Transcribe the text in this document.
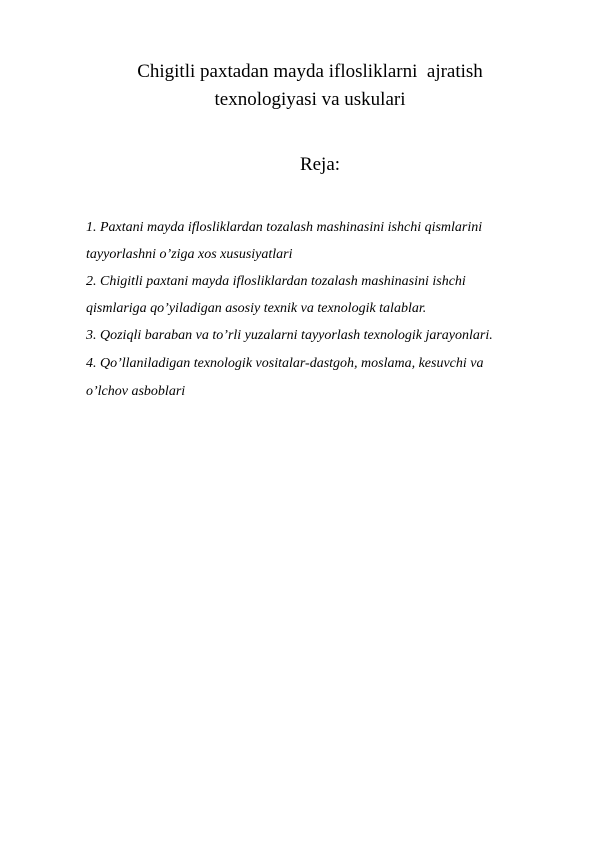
Chigitli paxtadan mayda iflosliklarni  ajratish
texnologiyasi va uskulari
Reja:
1. Paxtani mayda iflosliklardan tozalash mashinasini ishchi qismlarini
tayyorlashni o’ziga xos xususiyatlari
2. Chigitli paxtani mayda iflosliklardan tozalash mashinasini ishchi
qismlariga qo’yiladigan asosiy texnik va texnologik talablar.
3. Qoziqli baraban va to’rli yuzalarni tayyorlash texnologik jarayonlari.
4. Qo’llaniladigan texnologik vositalar-dastgoh, moslama, kesuvchi va
o’lchov asboblari
